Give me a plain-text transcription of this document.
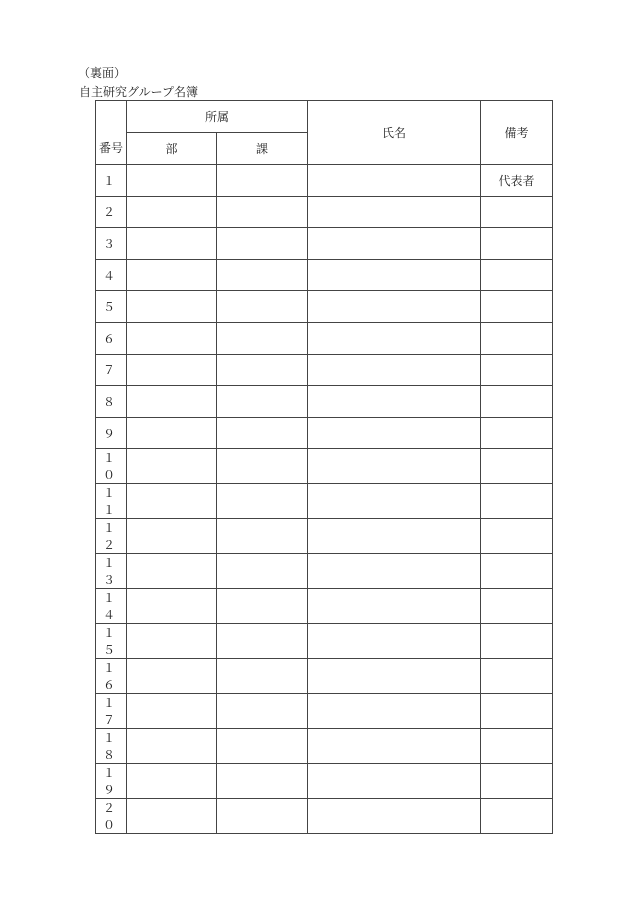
（裏面）
自主研究グループ名簿
番号	所属		氏名	備考
	部	課		
１				代表者
２				
３				
４				
５				
６				
７				
８				
９				
１０				
１１				
１２				
１３				
１４				
１５				
１６				
１７				
１８				
１９				
２０				
